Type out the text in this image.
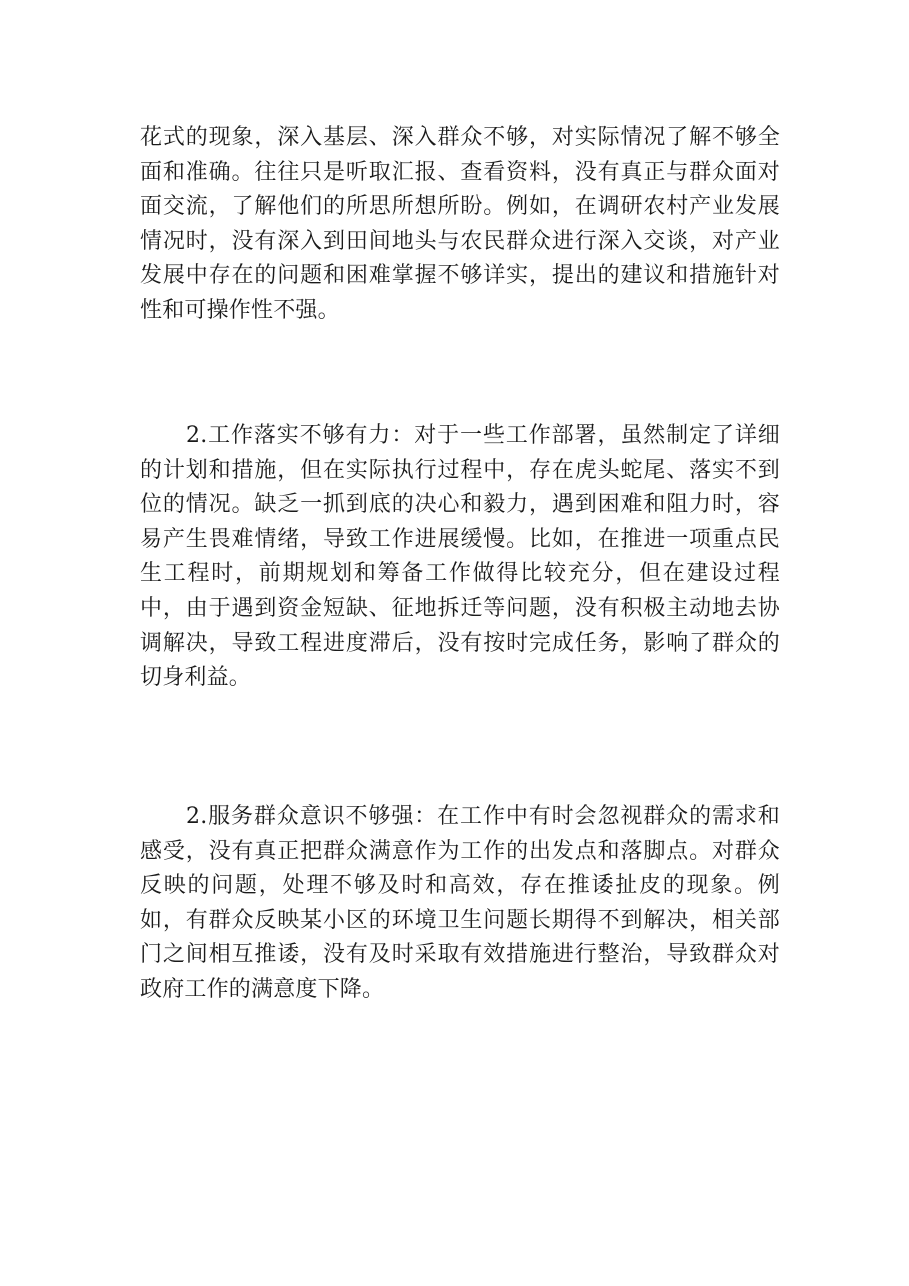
花式的现象，深入基层、深入群众不够，对实际情况了解不够全面和准确。往往只是听取汇报、查看资料，没有真正与群众面对面交流，了解他们的所思所想所盼。例如，在调研农村产业发展情况时，没有深入到田间地头与农民群众进行深入交谈，对产业发展中存在的问题和困难掌握不够详实，提出的建议和措施针对性和可操作性不强。

2.工作落实不够有力：对于一些工作部署，虽然制定了详细的计划和措施，但在实际执行过程中，存在虎头蛇尾、落实不到位的情况。缺乏一抓到底的决心和毅力，遇到困难和阻力时，容易产生畏难情绪，导致工作进展缓慢。比如，在推进一项重点民生工程时，前期规划和筹备工作做得比较充分，但在建设过程中，由于遇到资金短缺、征地拆迁等问题，没有积极主动地去协调解决，导致工程进度滞后，没有按时完成任务，影响了群众的切身利益。

2.服务群众意识不够强：在工作中有时会忽视群众的需求和感受，没有真正把群众满意作为工作的出发点和落脚点。对群众反映的问题，处理不够及时和高效，存在推诿扯皮的现象。例如，有群众反映某小区的环境卫生问题长期得不到解决，相关部门之间相互推诿，没有及时采取有效措施进行整治，导致群众对政府工作的满意度下降。
